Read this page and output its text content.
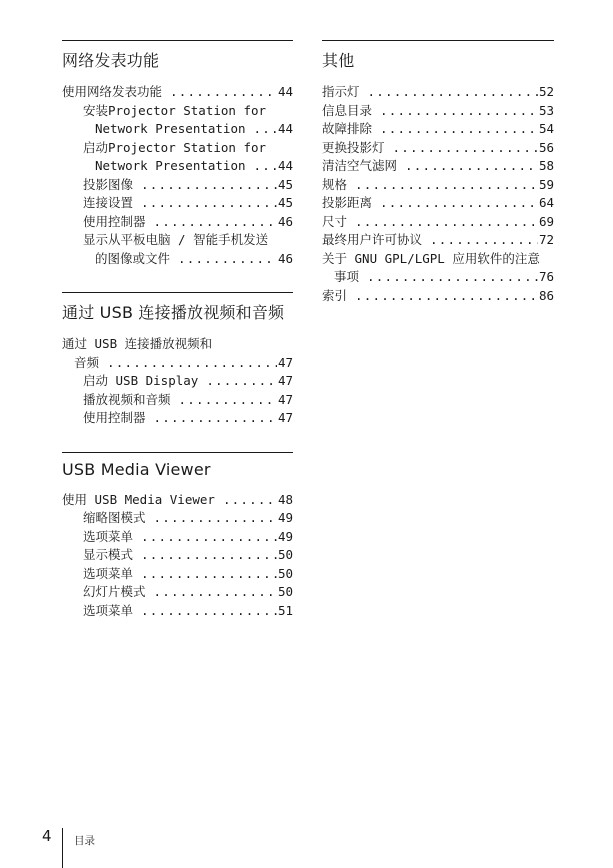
网络发表功能
使用网络发表功能 .....	44
安装Projector Station for
Network Presentation .....	44
启动Projector Station for
Network Presentation .....	44
投影图像 .....	45
连接设置 .....	45
使用控制器 .....	46
显示从平板电脑 / 智能手机发送
的图像或文件 .....	46
通过 USB 连接播放视频和音频
通过 USB 连接播放视频和
音频 .....	47
启动 USB Display .....	47
播放视频和音频 .....	47
使用控制器 .....	47
USB Media Viewer
使用 USB Media Viewer .....	48
缩略图模式 .....	49
选项菜单 .....	49
显示模式 .....	50
选项菜单 .....	50
幻灯片模式 .....	50
选项菜单 .....	51
其他
指示灯 .....	52
信息目录 .....	53
故障排除 .....	54
更换投影灯 .....	56
清洁空气滤网 .....	58
规格 .....	59
投影距离 .....	64
尺寸 .....	69
最终用户许可协议 .....	72
关于 GNU GPL/LGPL 应用软件的注意
事项 .....	76
索引 .....	86
4 目录
